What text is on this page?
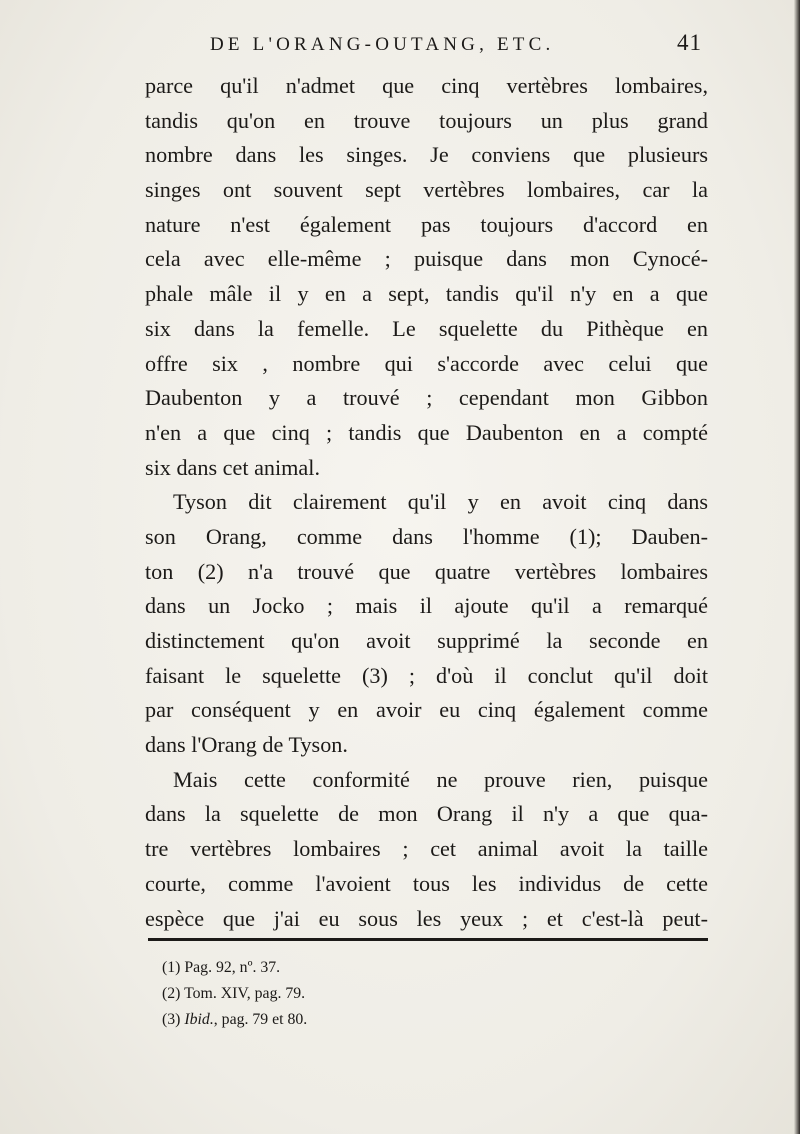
DE L'ORANG-OUTANG, ETC.	41
parce qu'il n'admet que cinq vertèbres lombaires,
tandis qu'on en trouve toujours un plus grand
nombre dans les singes. Je conviens que plusieurs
singes ont souvent sept vertèbres lombaires, car la
nature n'est également pas toujours d'accord en
cela avec elle-même ; puisque dans mon Cynocé-
phale mâle il y en a sept, tandis qu'il n'y en a que
six dans la femelle. Le squelette du Pithèque en
offre six , nombre qui s'accorde avec celui que
Daubenton y a trouvé ; cependant mon Gibbon
n'en a que cinq ; tandis que Daubenton en a compté
six dans cet animal.
Tyson dit clairement qu'il y en avoit cinq dans
son Orang, comme dans l'homme (1); Dauben-
ton (2) n'a trouvé que quatre vertèbres lombaires
dans un Jocko ; mais il ajoute qu'il a remarqué
distinctement qu'on avoit supprimé la seconde en
faisant le squelette (3) ; d'où il conclut qu'il doit
par conséquent y en avoir eu cinq également comme
dans l'Orang de Tyson.
Mais cette conformité ne prouve rien, puisque
dans la squelette de mon Orang il n'y a que qua-
tre vertèbres lombaires ; cet animal avoit la taille
courte, comme l'avoient tous les individus de cette
espèce que j'ai eu sous les yeux ; et c'est-là peut-
(1) Pag. 92, nº. 37.
(2) Tom. XIV, pag. 79.
(3) Ibid., pag. 79 et 80.
